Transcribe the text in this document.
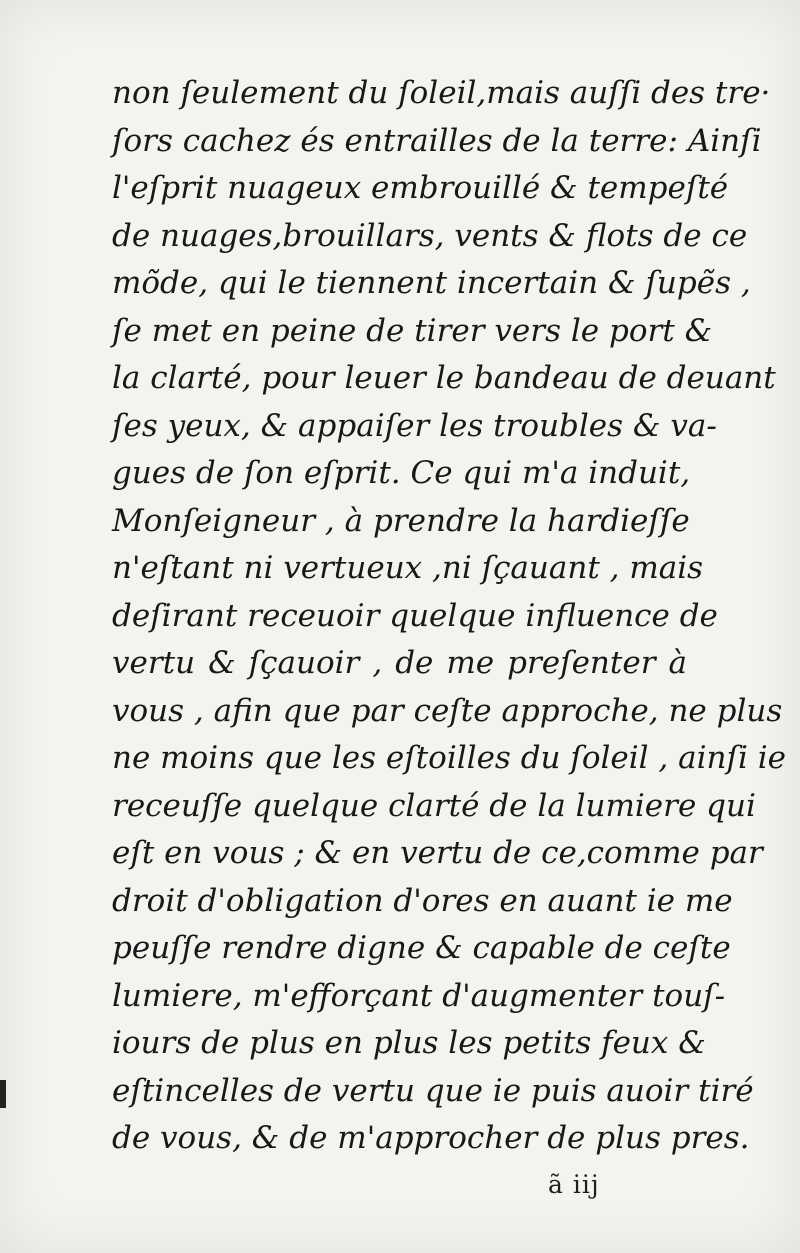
non ſeulement du ſoleil,mais auſſi des tre·
ſors cachez és entrailles de la terre: Ainſi
l'eſprit nuageux embrouillé & tempeſté
de nuages,brouillars, vents & flots de ce
mõde, qui le tiennent incertain & ſupẽs ,
ſe met en peine de tirer vers le port &
la clarté, pour leuer le bandeau de deuant
ſes yeux, & appaiſer les troubles & va-
gues de ſon eſprit. Ce qui m'a induit,
Monſeigneur , à prendre la hardieſſe
n'eſtant ni vertueux ,ni ſçauant , mais
deſirant receuoir quelque influence de
vertu & ſçauoir , de me preſenter à
vous , afin que par ceſte approche, ne plus
ne moins que les eſtoilles du ſoleil , ainſi ie
receuſſe quelque clarté de la lumiere qui
eſt en vous ; & en vertu de ce,comme par
droit d'obligation d'ores en auant ie me
peuſſe rendre digne & capable de ceſte
lumiere, m'efforçant d'augmenter touſ-
iours de plus en plus les petits feux &
eſtincelles de vertu que ie puis auoir tiré
de vous, & de m'approcher de plus pres.
ã iij
